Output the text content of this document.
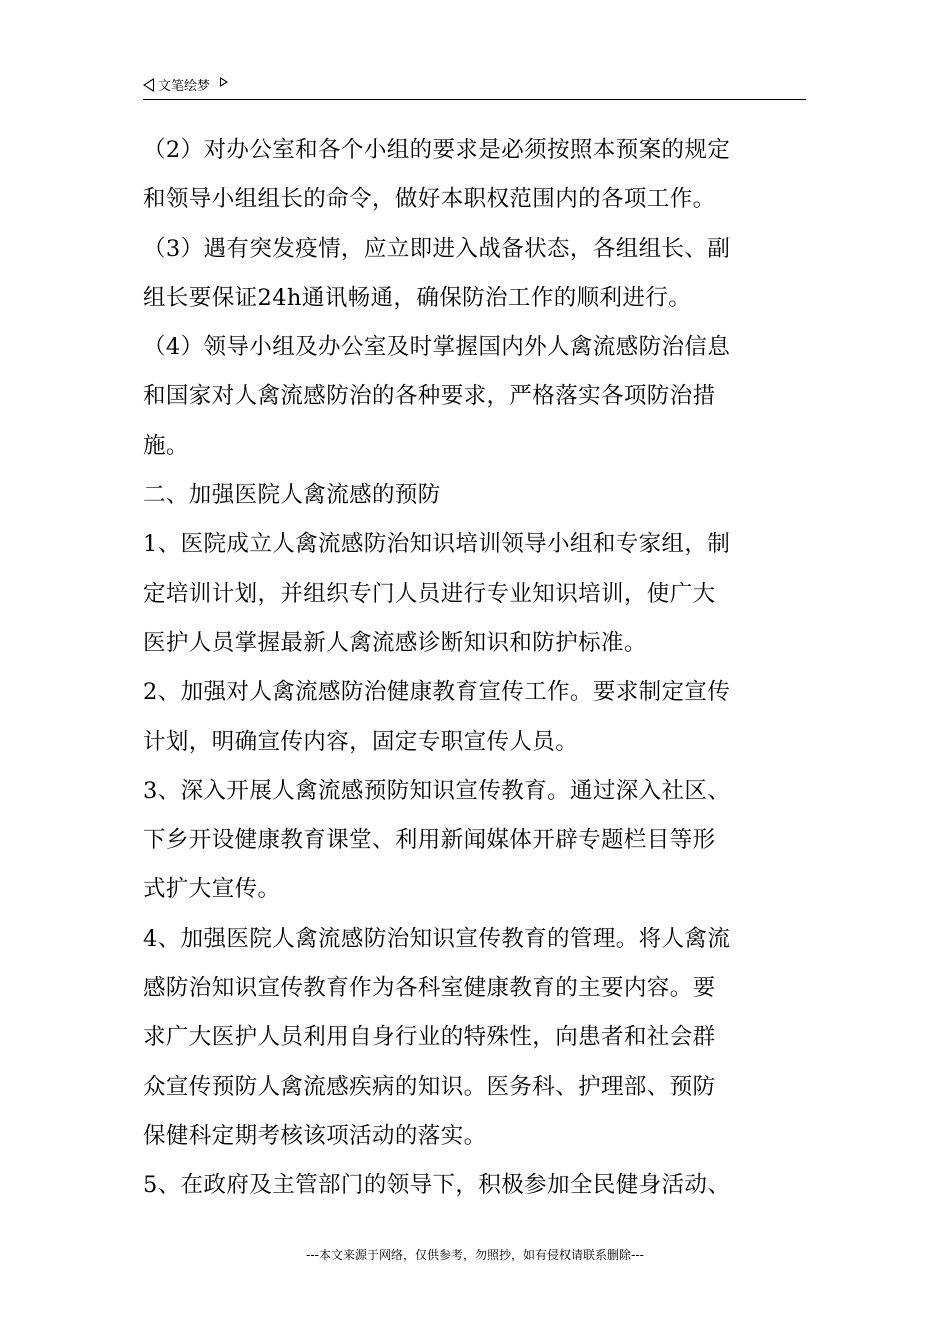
文笔绘梦
（2）对办公室和各个小组的要求是必须按照本预案的规定
和领导小组组长的命令，做好本职权范围内的各项工作。
（3）遇有突发疫情，应立即进入战备状态，各组组长、副
组长要保证24h通讯畅通，确保防治工作的顺利进行。
（4）领导小组及办公室及时掌握国内外人禽流感防治信息
和国家对人禽流感防治的各种要求，严格落实各项防治措
施。
二、加强医院人禽流感的预防
1、医院成立人禽流感防治知识培训领导小组和专家组，制
定培训计划，并组织专门人员进行专业知识培训，使广大
医护人员掌握最新人禽流感诊断知识和防护标准。
2、加强对人禽流感防治健康教育宣传工作。要求制定宣传
计划，明确宣传内容，固定专职宣传人员。
3、深入开展人禽流感预防知识宣传教育。通过深入社区、
下乡开设健康教育课堂、利用新闻媒体开辟专题栏目等形
式扩大宣传。
4、加强医院人禽流感防治知识宣传教育的管理。将人禽流
感防治知识宣传教育作为各科室健康教育的主要内容。要
求广大医护人员利用自身行业的特殊性，向患者和社会群
众宣传预防人禽流感疾病的知识。医务科、护理部、预防
保健科定期考核该项活动的落实。
5、在政府及主管部门的领导下，积极参加全民健身活动、
---本文来源于网络，仅供参考，勿照抄，如有侵权请联系删除---
